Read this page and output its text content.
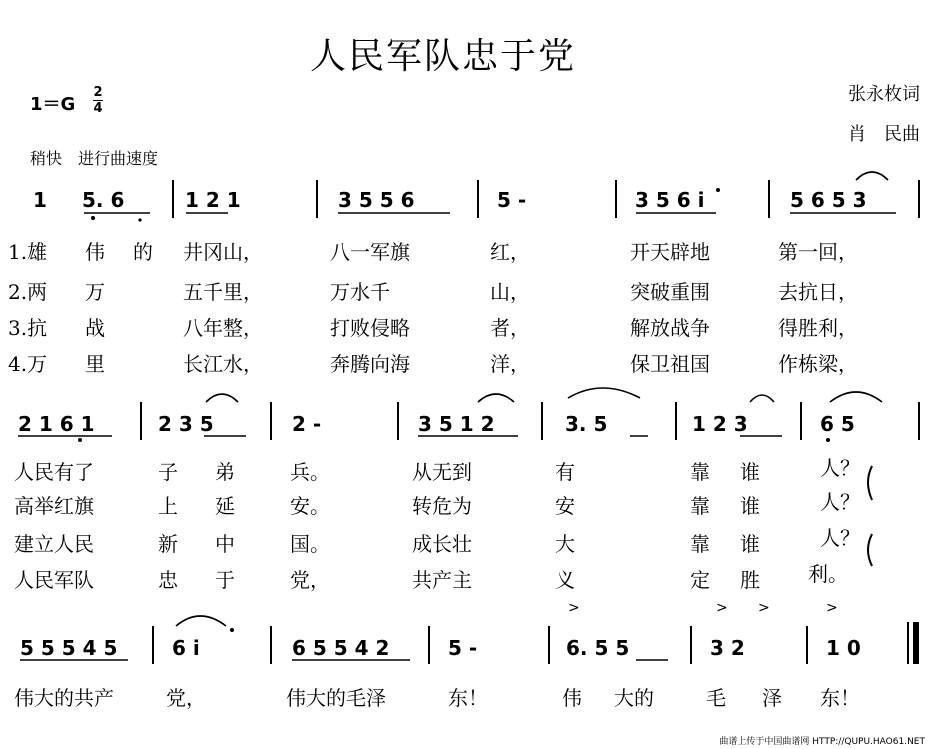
人民军队忠于党
张永枚词
肖　民曲
1＝G
2
4
稍快　进行曲速度
1 5. 6	1 2 1	3 5 5 6	5 -	3 5 6 i	5 6 5 3
1.雄 伟 的 井冈山，	八一军旗	红，	开天辟地	第一回，
2.两 万	五千里，	万水千	山，	突破重围	去抗日，
3.抗 战	八年整，	打败侵略	者，	解放战争	得胜利，
4.万 里	长江水，	奔腾向海	洋，	保卫祖国	作栋梁，
2 1 6 1	2 3 5	2 -	3 5 1 2	3. 5	1 2 3	6 5
人民有了	子 弟	兵。	从无到	有	靠 谁	人？
高举红旗	上 延	安。	转危为	安	靠 谁	人？
建立人民	新 中	国。	成长壮	大	靠 谁	人？
人民军队	忠 于	党，	共产主	义	定 胜 利。
5 5 5 4 5	6 i	6 5 5 4 2	5 -	6. 5 5	3 2	1 0
伟大的共产	党，	伟大的毛泽	东！	伟 大的	毛 泽 东！
>	> >	>
曲谱上传于中国曲谱网 HTTP://QUPU.HAO61.NET
